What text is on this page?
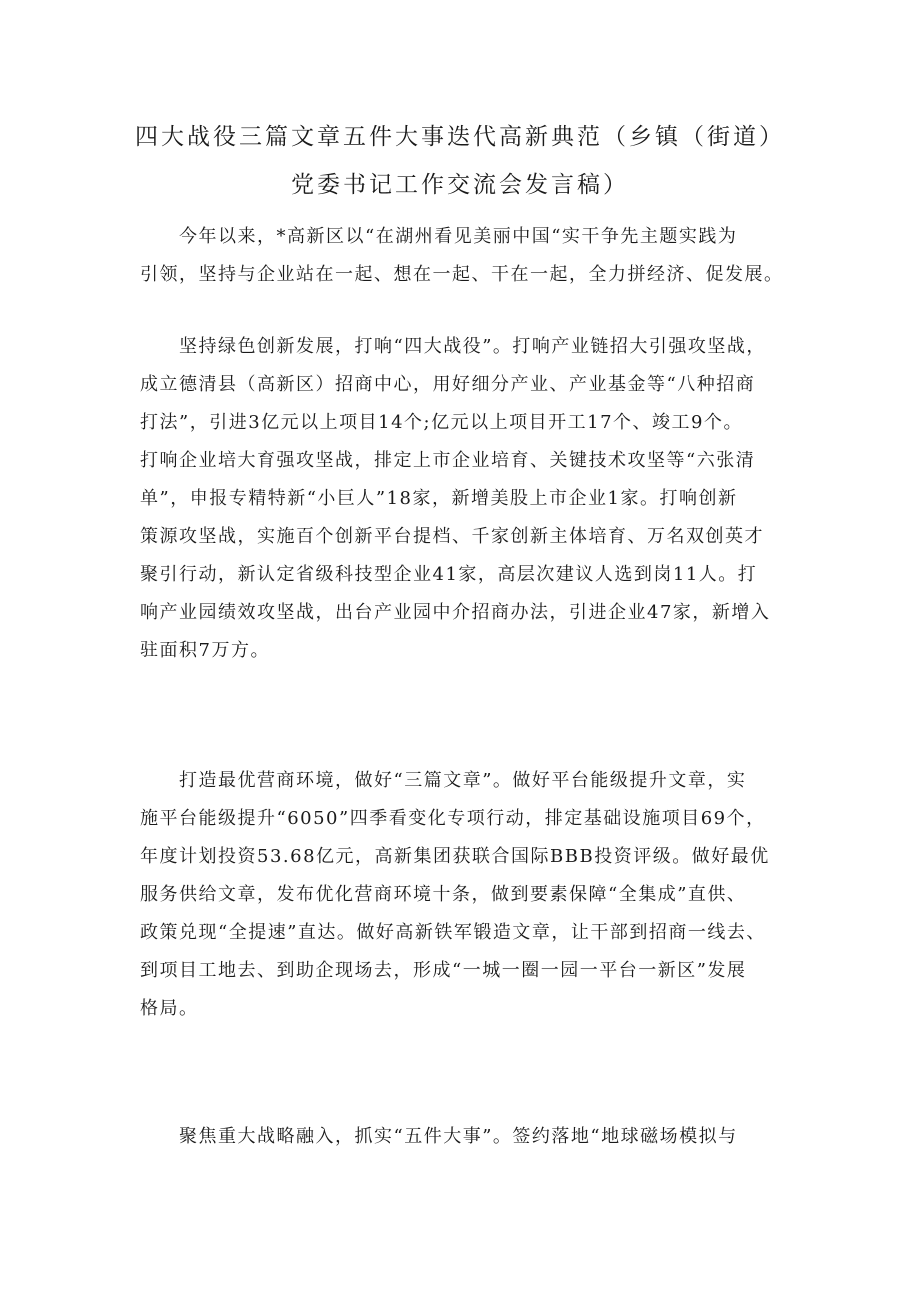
四大战役三篇文章五件大事迭代高新典范（乡镇（街道）
党委书记工作交流会发言稿）

　　今年以来，*高新区以“在湖州看见美丽中国“实干争先主题实践为
引领，坚持与企业站在一起、想在一起、干在一起，全力拼经济、促发展。

　　坚持绿色创新发展，打响“四大战役”。打响产业链招大引强攻坚战，
成立德清县（高新区）招商中心，用好细分产业、产业基金等“八种招商
打法”，引进3亿元以上项目14个;亿元以上项目开工17个、竣工9个。
打响企业培大育强攻坚战，排定上市企业培育、关键技术攻坚等“六张清
单”，申报专精特新“小巨人”18家，新增美股上市企业1家。打响创新
策源攻坚战，实施百个创新平台提档、千家创新主体培育、万名双创英才
聚引行动，新认定省级科技型企业41家，高层次建议人选到岗11人。打
响产业园绩效攻坚战，出台产业园中介招商办法，引进企业47家，新增入
驻面积7万方。

　　打造最优营商环境，做好“三篇文章”。做好平台能级提升文章，实
施平台能级提升“6050”四季看变化专项行动，排定基础设施项目69个，
年度计划投资53.68亿元，高新集团获联合国际BBB投资评级。做好最优
服务供给文章，发布优化营商环境十条，做到要素保障“全集成”直供、
政策兑现“全提速”直达。做好高新铁军锻造文章，让干部到招商一线去、
到项目工地去、到助企现场去，形成“一城一圈一园一平台一新区”发展
格局。

　　聚焦重大战略融入，抓实“五件大事”。签约落地“地球磁场模拟与
